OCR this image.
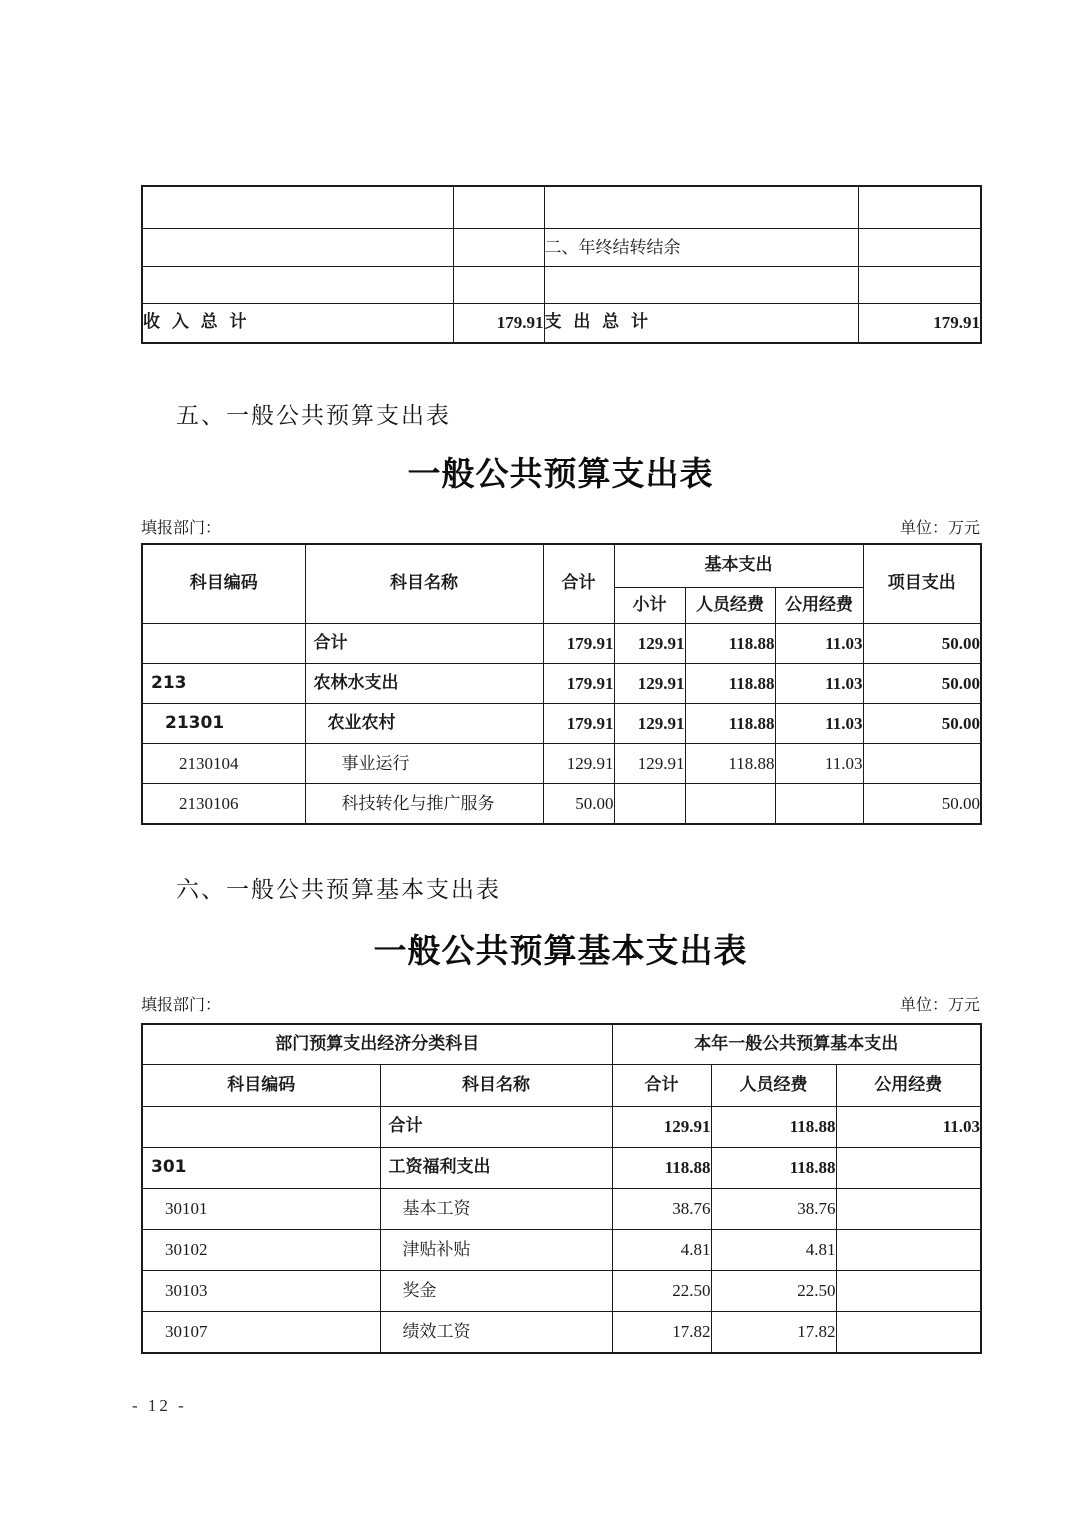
		二、年终结转结余	

收  入  总  计	179.91	支  出  总  计	179.91
五、一般公共预算支出表
一般公共预算支出表
填报部门：	单位：万元
科目编码	科目名称	合计	基本支出			项目支出
			小计	人员经费	公用经费	
	合计	179.91	129.91	118.88	11.03	50.00
213	农林水支出	179.91	129.91	118.88	11.03	50.00
21301	农业农村	179.91	129.91	118.88	11.03	50.00
2130104	事业运行	129.91	129.91	118.88	11.03	
2130106	科技转化与推广服务	50.00				50.00
六、一般公共预算基本支出表
一般公共预算基本支出表
填报部门：	单位：万元
部门预算支出经济分类科目		本年一般公共预算基本支出		
科目编码	科目名称	合计	人员经费	公用经费
	合计	129.91	118.88	11.03
301	工资福利支出	118.88	118.88	
30101	基本工资	38.76	38.76	
30102	津贴补贴	4.81	4.81	
30103	奖金	22.50	22.50	
30107	绩效工资	17.82	17.82	
- 12 -
